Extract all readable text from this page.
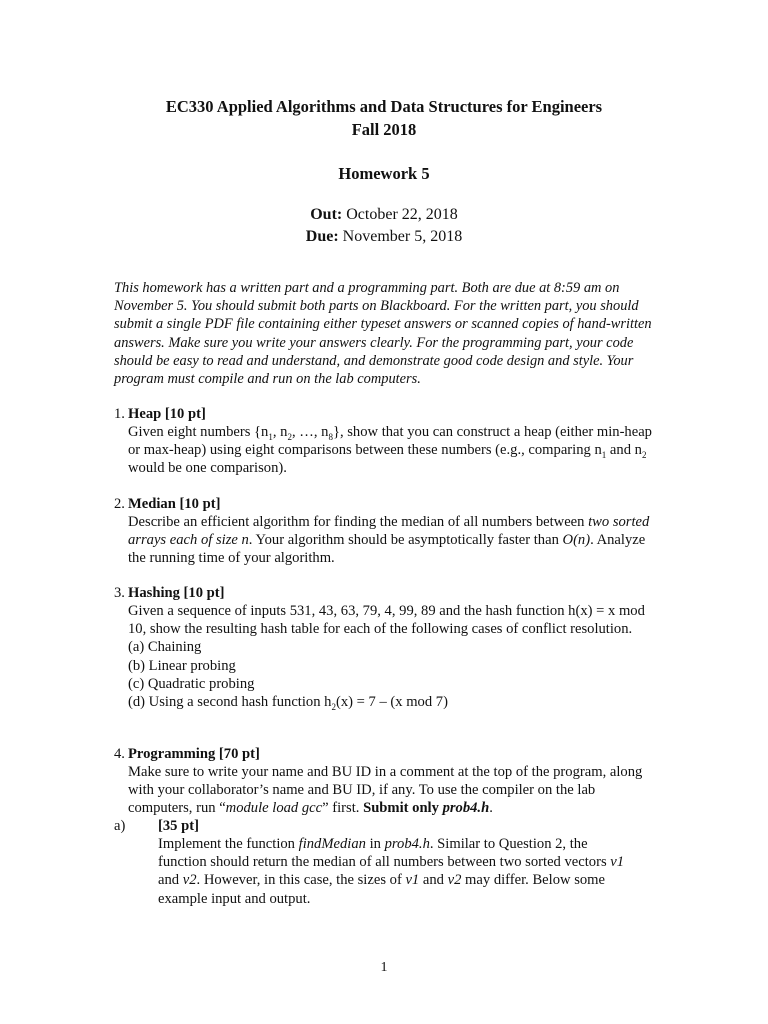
EC330 Applied Algorithms and Data Structures for Engineers
Fall 2018
Homework 5
Out: October 22, 2018
Due: November 5, 2018
This homework has a written part and a programming part. Both are due at 8:59 am on November 5. You should submit both parts on Blackboard. For the written part, you should submit a single PDF file containing either typeset answers or scanned copies of hand-written answers. Make sure you write your answers clearly. For the programming part, your code should be easy to read and understand, and demonstrate good code design and style. Your program must compile and run on the lab computers.
1. Heap [10 pt]
Given eight numbers {$n_1$, $n_2$, …, $n_8$}, show that you can construct a heap (either min-heap or max-heap) using eight comparisons between these numbers (e.g., comparing $n_1$ and $n_2$ would be one comparison).
2. Median [10 pt]
Describe an efficient algorithm for finding the median of all numbers between two sorted arrays each of size n. Your algorithm should be asymptotically faster than O(n). Analyze the running time of your algorithm.
3. Hashing [10 pt]
Given a sequence of inputs 531, 43, 63, 79, 4, 99, 89 and the hash function h(x) = x mod 10, show the resulting hash table for each of the following cases of conflict resolution.
(a) Chaining
(b) Linear probing
(c) Quadratic probing
(d) Using a second hash function $h_2(x) = 7 - (x$ mod 7)
4. Programming [70 pt]
Make sure to write your name and BU ID in a comment at the top of the program, along with your collaborator’s name and BU ID, if any. To use the compiler on the lab computers, run “module load gcc” first. Submit only prob4.h.
a) [35 pt]
Implement the function findMedian in prob4.h. Similar to Question 2, the function should return the median of all numbers between two sorted vectors v1 and v2. However, in this case, the sizes of v1 and v2 may differ. Below some example input and output.
1
